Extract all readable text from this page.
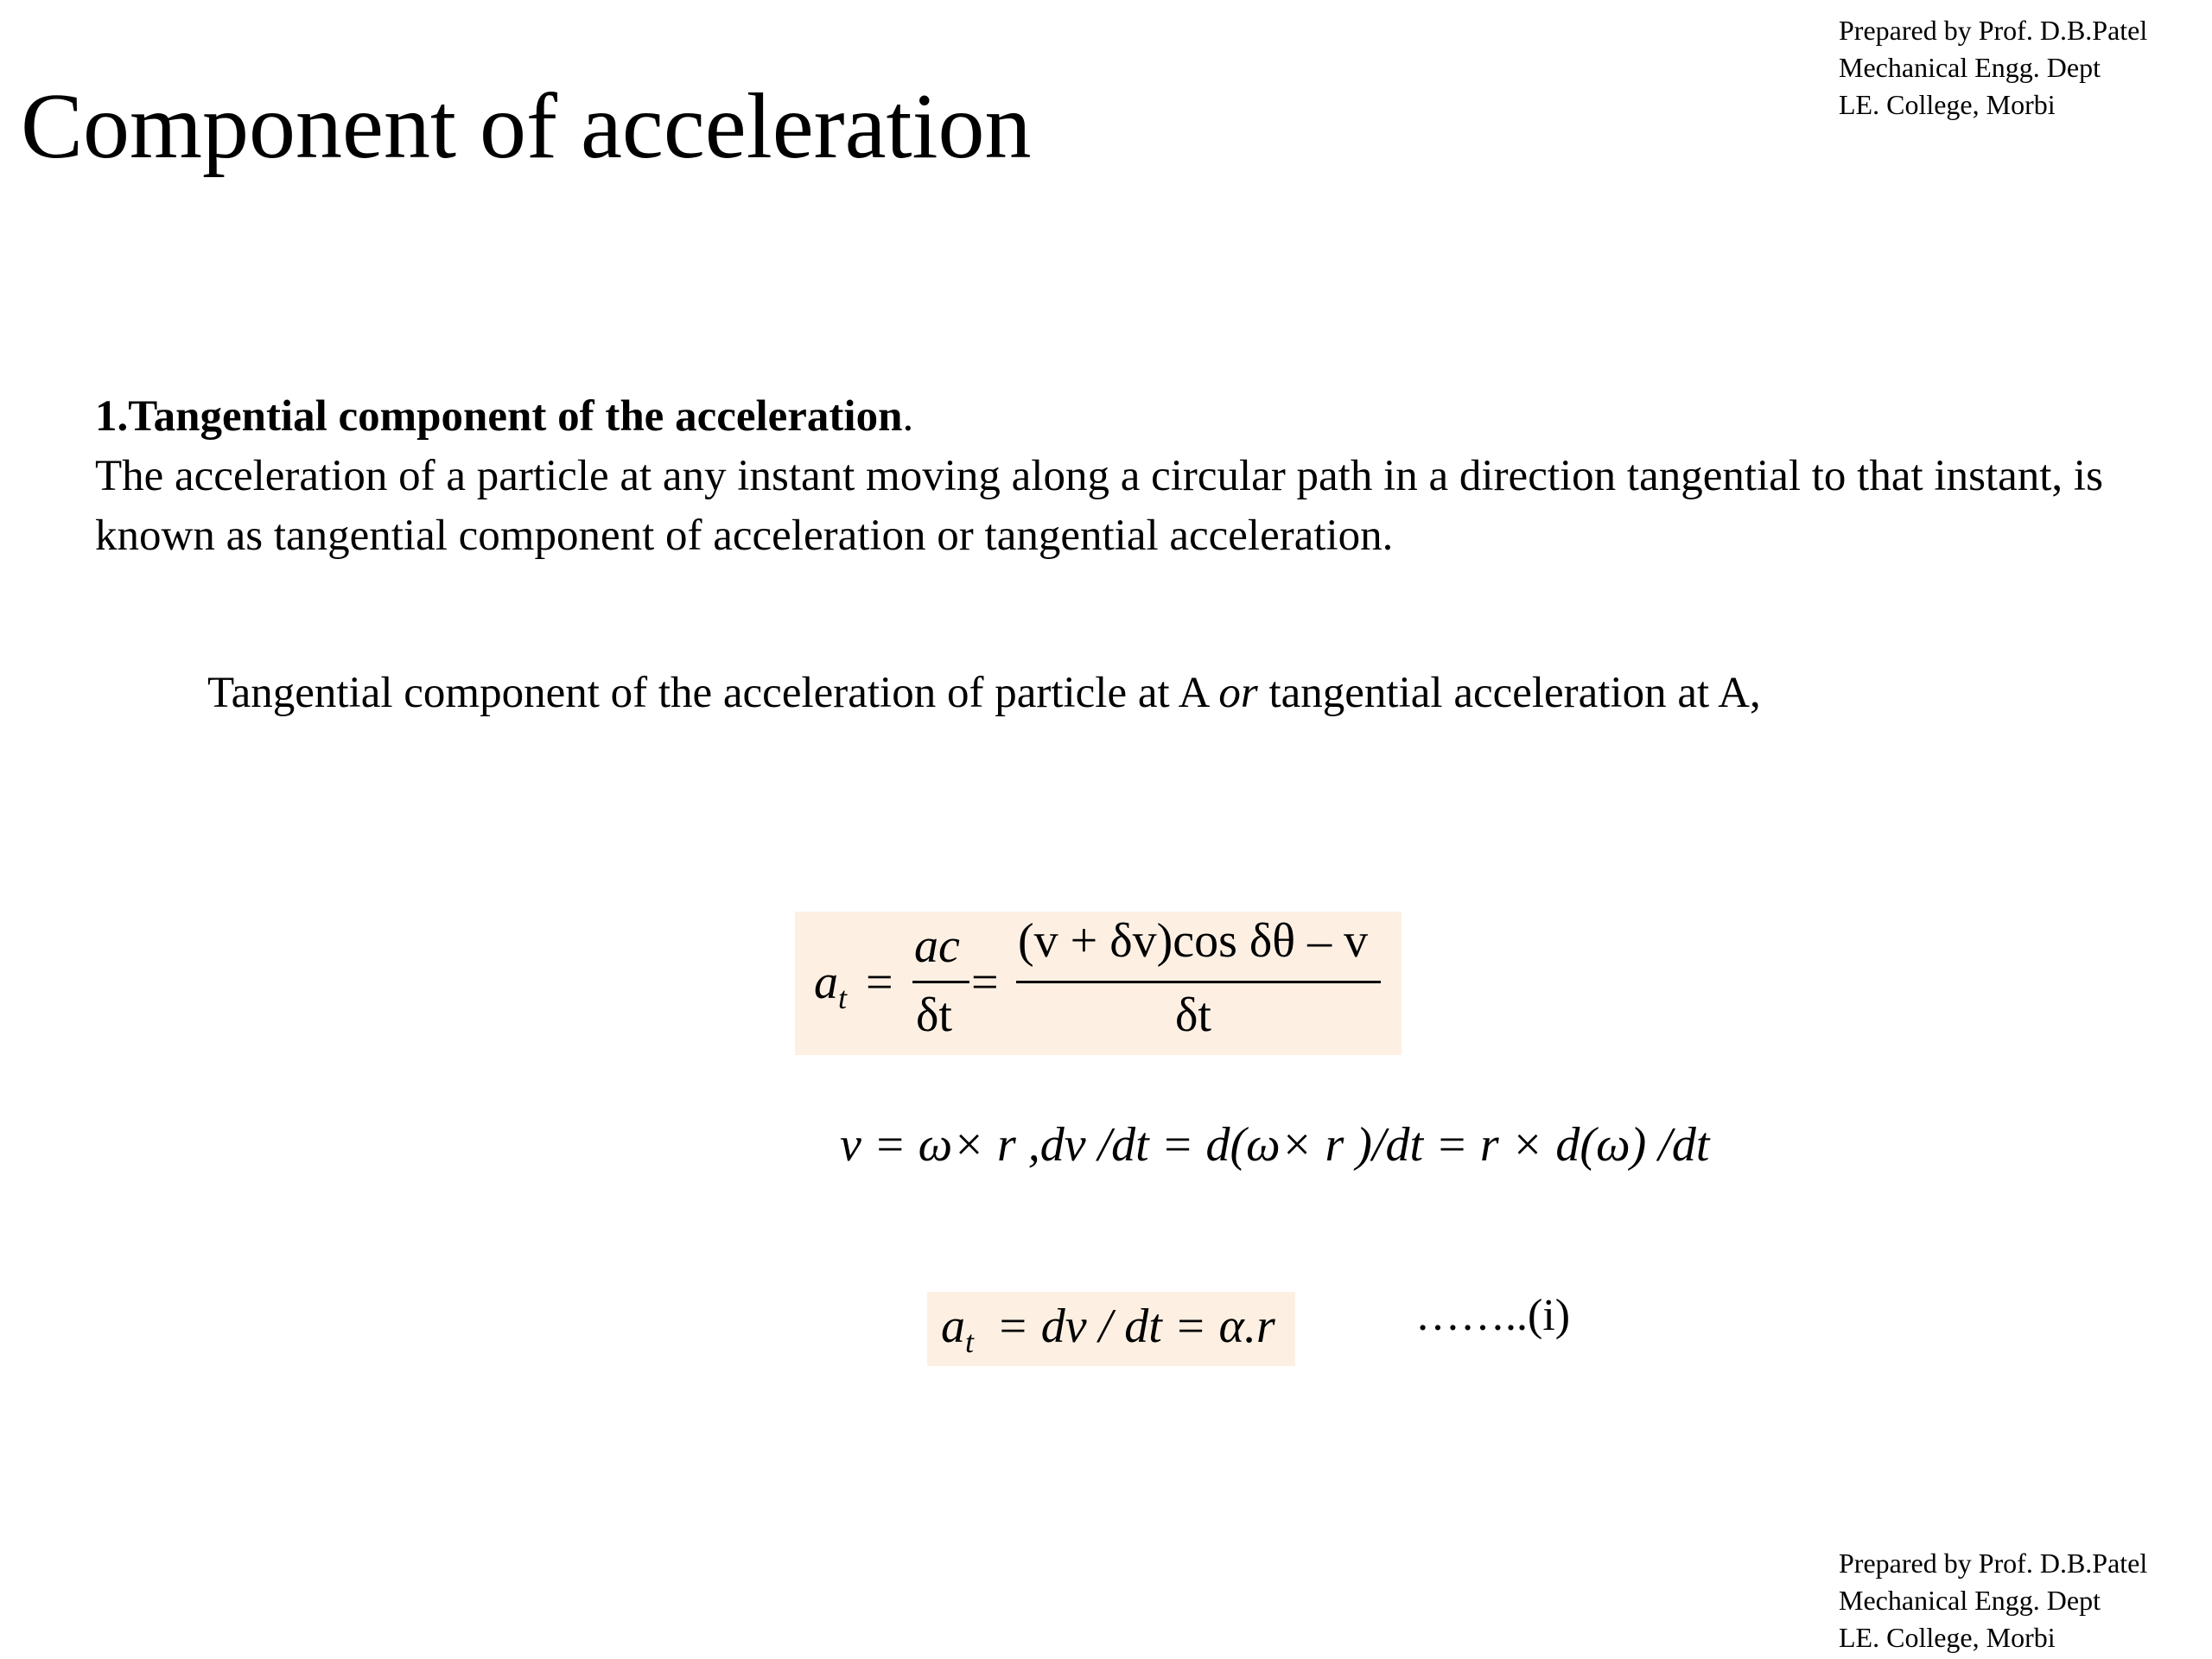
Prepared by Prof. D.B.Patel
Mechanical Engg. Dept
LE. College, Morbi
Component of acceleration
1.Tangential component of the acceleration.
The acceleration of a particle at any instant moving along a circular path in a direction tangential to that instant, is known as tangential component of acceleration or tangential acceleration.
Tangential component of the acceleration of particle at A or tangential acceleration at A,
$a_t$ =
ac
δt
=
(v + δv)cos δθ – v
δt
v = ω× r ,dv /dt = d(ω× r )/dt = r × d(ω) /dt
$a_t$ = dv / dt = α.r	……..(i)
Prepared by Prof. D.B.Patel
Mechanical Engg. Dept
LE. College, Morbi
